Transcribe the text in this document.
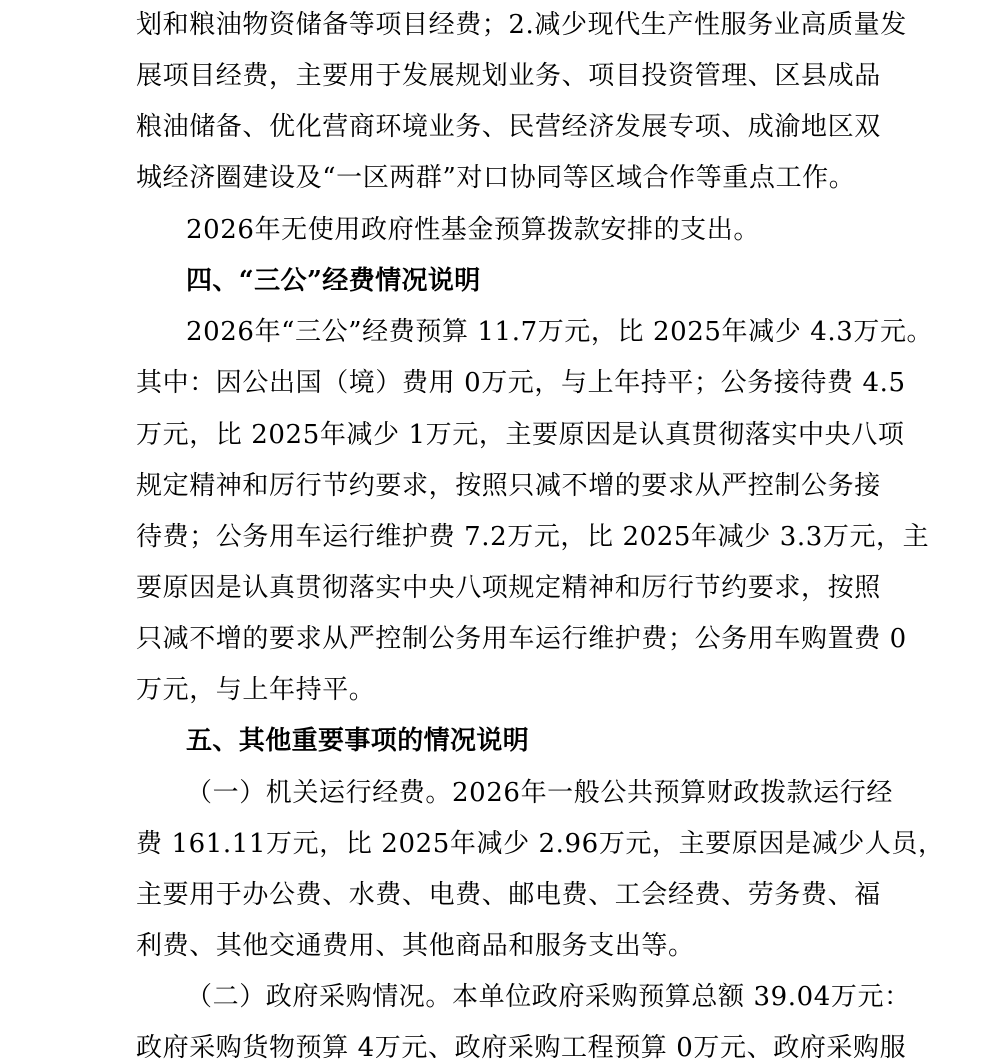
划和粮油物资储备等项目经费；2.减少现代生产性服务业高质量发
展项目经费，主要用于发展规划业务、项目投资管理、区县成品
粮油储备、优化营商环境业务、民营经济发展专项、成渝地区双
城经济圈建设及“一区两群”对口协同等区域合作等重点工作。
2026年无使用政府性基金预算拨款安排的支出。
四、“三公”经费情况说明
2026年“三公”经费预算 11.7万元，比 2025年减少 4.3万元。
其中：因公出国（境）费用 0万元，与上年持平；公务接待费 4.5
万元，比 2025年减少 1万元，主要原因是认真贯彻落实中央八项
规定精神和厉行节约要求，按照只减不增的要求从严控制公务接
待费；公务用车运行维护费 7.2万元，比 2025年减少 3.3万元，主
要原因是认真贯彻落实中央八项规定精神和厉行节约要求，按照
只减不增的要求从严控制公务用车运行维护费；公务用车购置费 0
万元，与上年持平。
五、其他重要事项的情况说明
（一）机关运行经费。2026年一般公共预算财政拨款运行经
费 161.11万元，比 2025年减少 2.96万元，主要原因是减少人员，
主要用于办公费、水费、电费、邮电费、工会经费、劳务费、福
利费、其他交通费用、其他商品和服务支出等。
（二）政府采购情况。本单位政府采购预算总额 39.04万元：
政府采购货物预算 4万元、政府采购工程预算 0万元、政府采购服
